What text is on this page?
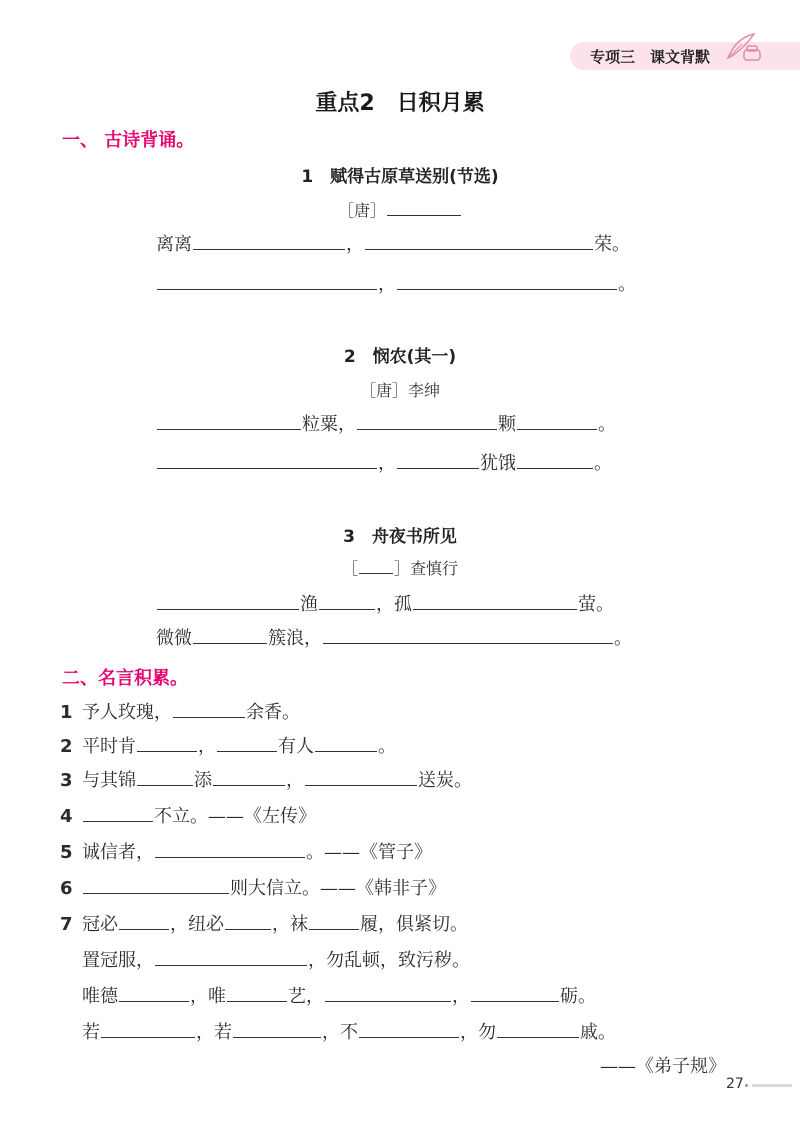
专项三　课文背默
重点2　日积月累
一、 古诗背诵。
1　赋得古原草送别(节选)
［唐］
离离	，	荣。
，	。
2　悯农(其一)
［唐］李绅
粒粟，	颗	。
，	犹饿	。
3　舟夜书所见
［ ］查慎行
渔	，孤	萤。
微微	簇浪，	。
二、名言积累。
1 予人玫瑰，	余香。
2 平时肯	，	有人	。
3 与其锦	添	，	送炭。
4	不立。——《左传》
5 诚信者，	。——《管子》
6	则大信立。——《韩非子》
7 冠必	，纽必	，袜	履，俱紧切。
置冠服，	，勿乱顿，致污秽。
唯德	，唯	艺，	，	砺。
若	，若	，不	，勿	戚。
——《弟子规》
27
